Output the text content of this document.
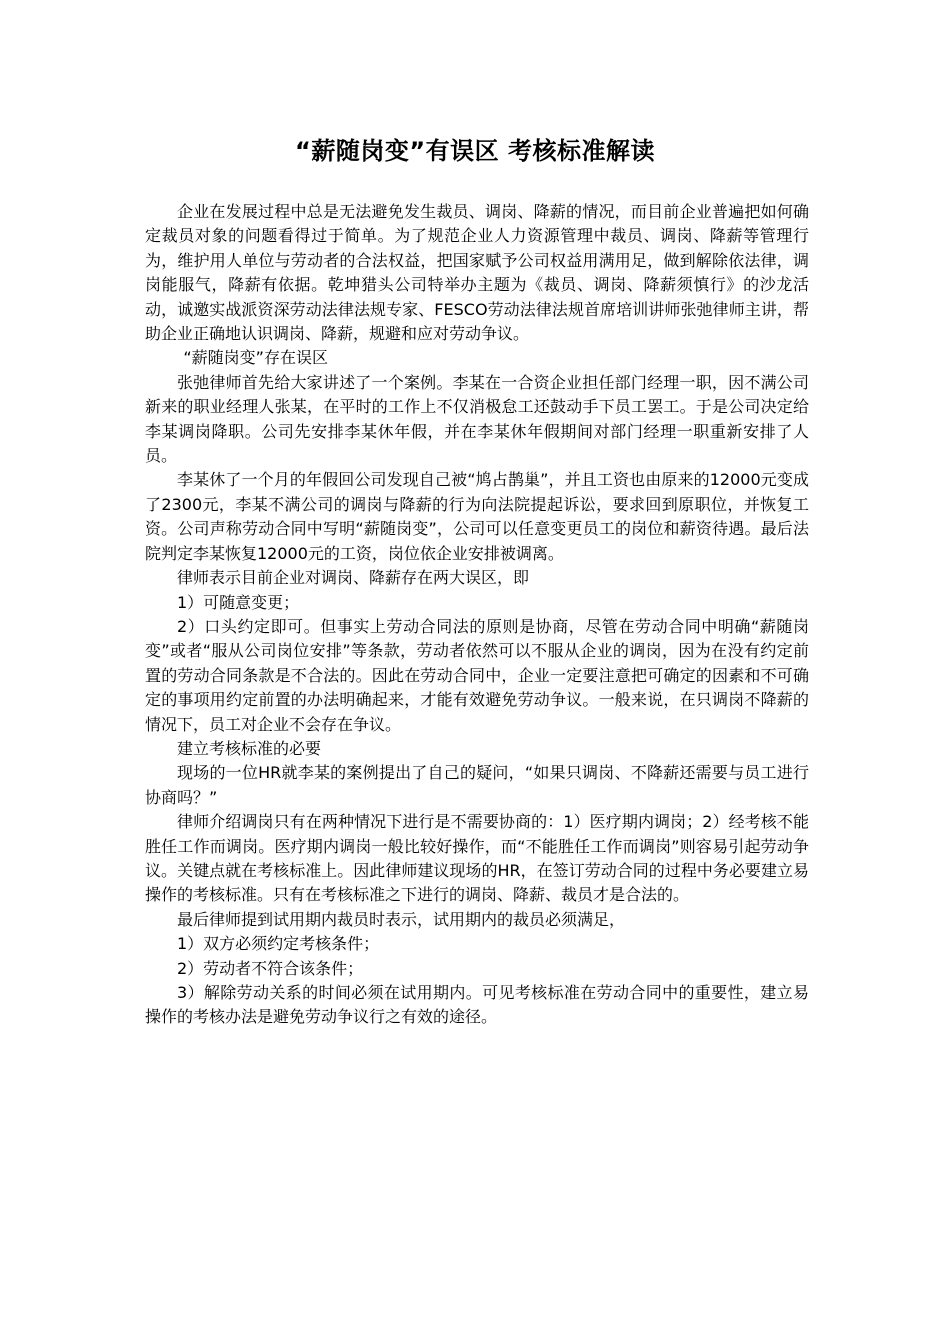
“薪随岗变”有误区 考核标准解读

企业在发展过程中总是无法避免发生裁员、调岗、降薪的情况，而目前企业普遍把如何确定裁员对象的问题看得过于简单。为了规范企业人力资源管理中裁员、调岗、降薪等管理行为，维护用人单位与劳动者的合法权益，把国家赋予公司权益用满用足，做到解除依法律，调岗能服气，降薪有依据。乾坤猎头公司特举办主题为《裁员、调岗、降薪须慎行》的沙龙活动，诚邀实战派资深劳动法律法规专家、FESCO劳动法律法规首席培训讲师张弛律师主讲，帮助企业正确地认识调岗、降薪，规避和应对劳动争议。

“薪随岗变”存在误区

张弛律师首先给大家讲述了一个案例。李某在一合资企业担任部门经理一职，因不满公司新来的职业经理人张某，在平时的工作上不仅消极怠工还鼓动手下员工罢工。于是公司决定给李某调岗降职。公司先安排李某休年假，并在李某休年假期间对部门经理一职重新安排了人员。

李某休了一个月的年假回公司发现自己被“鸠占鹊巢”，并且工资也由原来的12000元变成了2300元，李某不满公司的调岗与降薪的行为向法院提起诉讼，要求回到原职位，并恢复工资。公司声称劳动合同中写明“薪随岗变”，公司可以任意变更员工的岗位和薪资待遇。最后法院判定李某恢复12000元的工资，岗位依企业安排被调离。

律师表示目前企业对调岗、降薪存在两大误区，即

1）可随意变更；

2）口头约定即可。但事实上劳动合同法的原则是协商，尽管在劳动合同中明确“薪随岗变”或者“服从公司岗位安排”等条款，劳动者依然可以不服从企业的调岗，因为在没有约定前置的劳动合同条款是不合法的。因此在劳动合同中，企业一定要注意把可确定的因素和不可确定的事项用约定前置的办法明确起来，才能有效避免劳动争议。一般来说，在只调岗不降薪的情况下，员工对企业不会存在争议。

建立考核标准的必要

现场的一位HR就李某的案例提出了自己的疑问，“如果只调岗、不降薪还需要与员工进行协商吗？”

律师介绍调岗只有在两种情况下进行是不需要协商的：1）医疗期内调岗；2）经考核不能胜任工作而调岗。医疗期内调岗一般比较好操作，而“不能胜任工作而调岗”则容易引起劳动争议。关键点就在考核标准上。因此律师建议现场的HR，在签订劳动合同的过程中务必要建立易操作的考核标准。只有在考核标准之下进行的调岗、降薪、裁员才是合法的。

最后律师提到试用期内裁员时表示，试用期内的裁员必须满足，

1）双方必须约定考核条件；

2）劳动者不符合该条件；

3）解除劳动关系的时间必须在试用期内。可见考核标准在劳动合同中的重要性，建立易操作的考核办法是避免劳动争议行之有效的途径。
